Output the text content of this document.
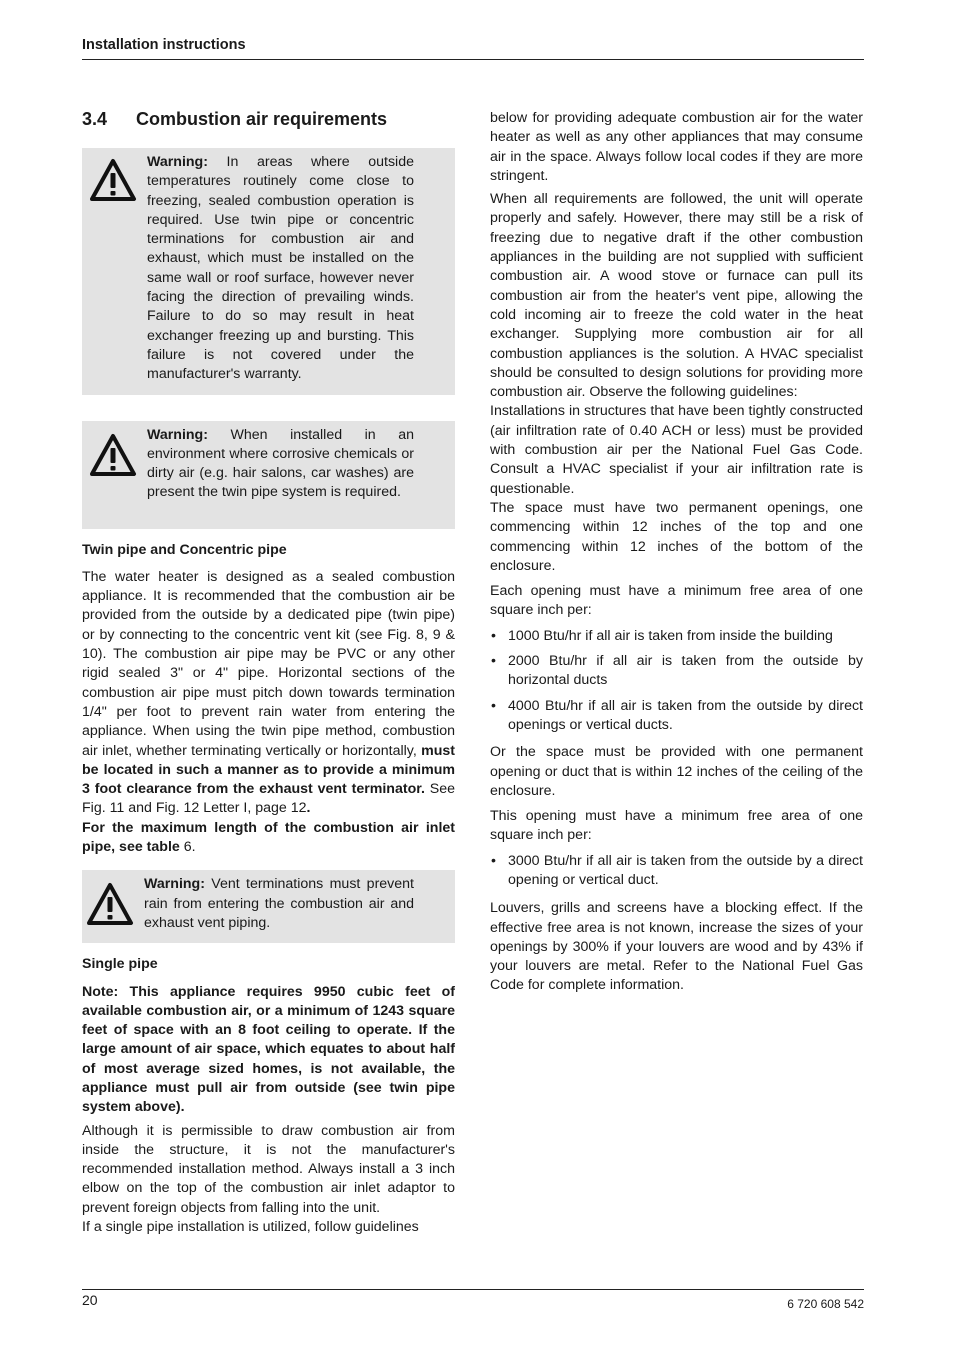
Installation instructions
3.4 Combustion air requirements

Warning: In areas where outside temperatures routinely come close to freezing, sealed combustion operation is required. Use twin pipe or concentric terminations for combustion air and exhaust, which must be installed on the same wall or roof surface, however never facing the direction of prevailing winds. Failure to do so may result in heat exchanger freezing up and bursting. This failure is not covered under the manufacturer's warranty.

Warning: When installed in an environment where corrosive chemicals or dirty air (e.g. hair salons, car washes) are present the twin pipe system is required.

Twin pipe and Concentric pipe

The water heater is designed as a sealed combustion appliance. It is recommended that the combustion air be provided from the outside by a dedicated pipe (twin pipe) or by connecting to the concentric vent kit (see Fig. 8, 9 & 10). The combustion air pipe may be PVC or any other rigid sealed 3" or 4" pipe. Horizontal sections of the combustion air pipe must pitch down towards termination 1/4" per foot to prevent rain water from entering the appliance. When using the twin pipe method, combustion air inlet, whether terminating vertically or horizontally, must be located in such a manner as to provide a minimum 3 foot clearance from the exhaust vent terminator. See Fig. 11 and Fig. 12 Letter I, page 12.

For the maximum length of the combustion air inlet pipe, see table 6.

Warning: Vent terminations must prevent rain from entering the combustion air and exhaust vent piping.

Single pipe

Note: This appliance requires 9950 cubic feet of available combustion air, or a minimum of 1243 square feet of space with an 8 foot ceiling to operate. If the large amount of air space, which equates to about half of most average sized homes, is not available, the appliance must pull air from outside (see twin pipe system above).

Although it is permissible to draw combustion air from inside the structure, it is not the manufacturer's recommended installation method. Always install a 3 inch elbow on the top of the combustion air inlet adaptor to prevent foreign objects from falling into the unit.

If a single pipe installation is utilized, follow guidelines

below for providing adequate combustion air for the water heater as well as any other appliances that may consume air in the space. Always follow local codes if they are more stringent.

When all requirements are followed, the unit will operate properly and safely. However, there may still be a risk of freezing due to negative draft if the other combustion appliances in the building are not supplied with sufficient combustion air. A wood stove or furnace can pull its combustion air from the heater's vent pipe, allowing the cold incoming air to freeze the cold water in the heat exchanger. Supplying more combustion air for all combustion appliances is the solution. A HVAC specialist should be consulted to design solutions for providing more combustion air. Observe the following guidelines:

Installations in structures that have been tightly constructed (air infiltration rate of 0.40 ACH or less) must be provided with combustion air per the National Fuel Gas Code. Consult a HVAC specialist if your air infiltration rate is questionable.

The space must have two permanent openings, one commencing within 12 inches of the top and one commencing within 12 inches of the bottom of the enclosure.

Each opening must have a minimum free area of one square inch per:

• 1000 Btu/hr if all air is taken from inside the building
• 2000 Btu/hr if all air is taken from the outside by horizontal ducts
• 4000 Btu/hr if all air is taken from the outside by direct openings or vertical ducts.

Or the space must be provided with one permanent opening or duct that is within 12 inches of the ceiling of the enclosure.

This opening must have a minimum free area of one square inch per:

• 3000 Btu/hr if all air is taken from the outside by a direct opening or vertical duct.

Louvers, grills and screens have a blocking effect. If the effective free area is not known, increase the sizes of your openings by 300% if your louvers are wood and by 43% if your louvers are metal. Refer to the National Fuel Gas Code for complete information.

20	6 720 608 542
